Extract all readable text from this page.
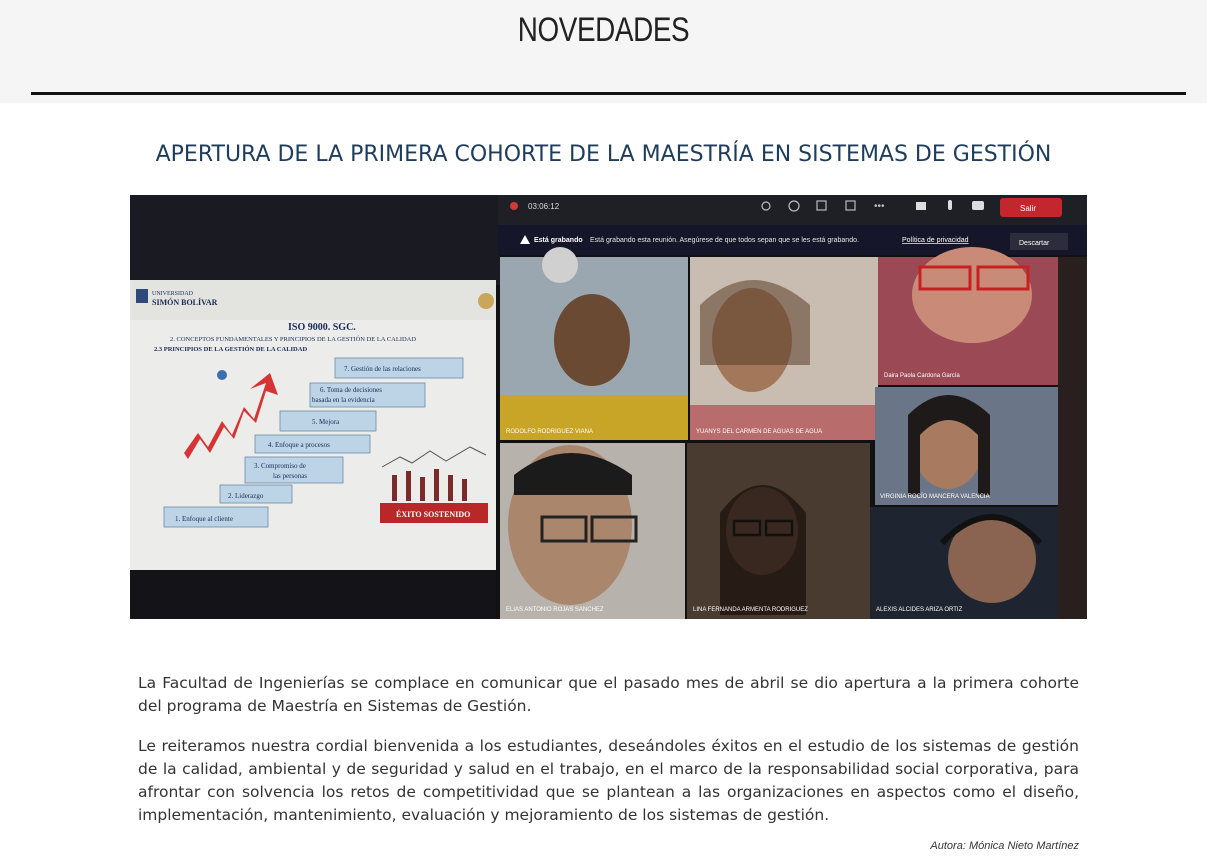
NOVEDADES
APERTURA DE LA PRIMERA COHORTE DE LA MAESTRÍA EN SISTEMAS DE GESTIÓN
03:06:12	•••	Salir
Está grabando Está grabando esta reunión. Asegúrese de que todos sepan que se les está grabando.	Política de privacidad	Descartar
UNIVERSIDAD
SIMÓN BOLÍVAR
ISO 9000. SGC.
2. CONCEPTOS FUNDAMENTALES Y PRINCIPIOS DE LA GESTIÓN DE LA CALIDAD
2.3 PRINCIPIOS DE LA GESTIÓN DE LA CALIDAD
1. Enfoque al cliente
2. Liderazgo
3. Compromiso de
las personas
4. Enfoque a procesos
5. Mejora
6. Toma de decisiones
basada en la evidencia
7. Gestión de las relaciones
ÉXITO SOSTENIDO
RODOLFO RODRIGUEZ VIANA	YUANYS DEL CARMEN DE AGUAS DE AGUA
Daira Paola Cardona García
VIRGINIA ROCÍO MANCERA VALENCIA
ELIAS ANTONIO ROJAS SANCHEZ	LINA FERNANDA ARMENTA RODRIGUEZ	ALEXIS ALCIDES ARIZA ORTIZ

La Facultad de Ingenierías se complace en comunicar que el pasado mes de abril se dio apertura a la primera cohorte del programa de Maestría en Sistemas de Gestión.

Le reiteramos nuestra cordial bienvenida a los estudiantes, deseándoles éxitos en el estudio de los sistemas de gestión de la calidad, ambiental y de seguridad y salud en el trabajo, en el marco de la responsabilidad social corporativa, para afrontar con solvencia los retos de competitividad que se plantean a las organizaciones en aspectos como el diseño, implementación, mantenimiento, evaluación y mejoramiento de los sistemas de gestión.

Autora: Mónica Nieto Martínez
